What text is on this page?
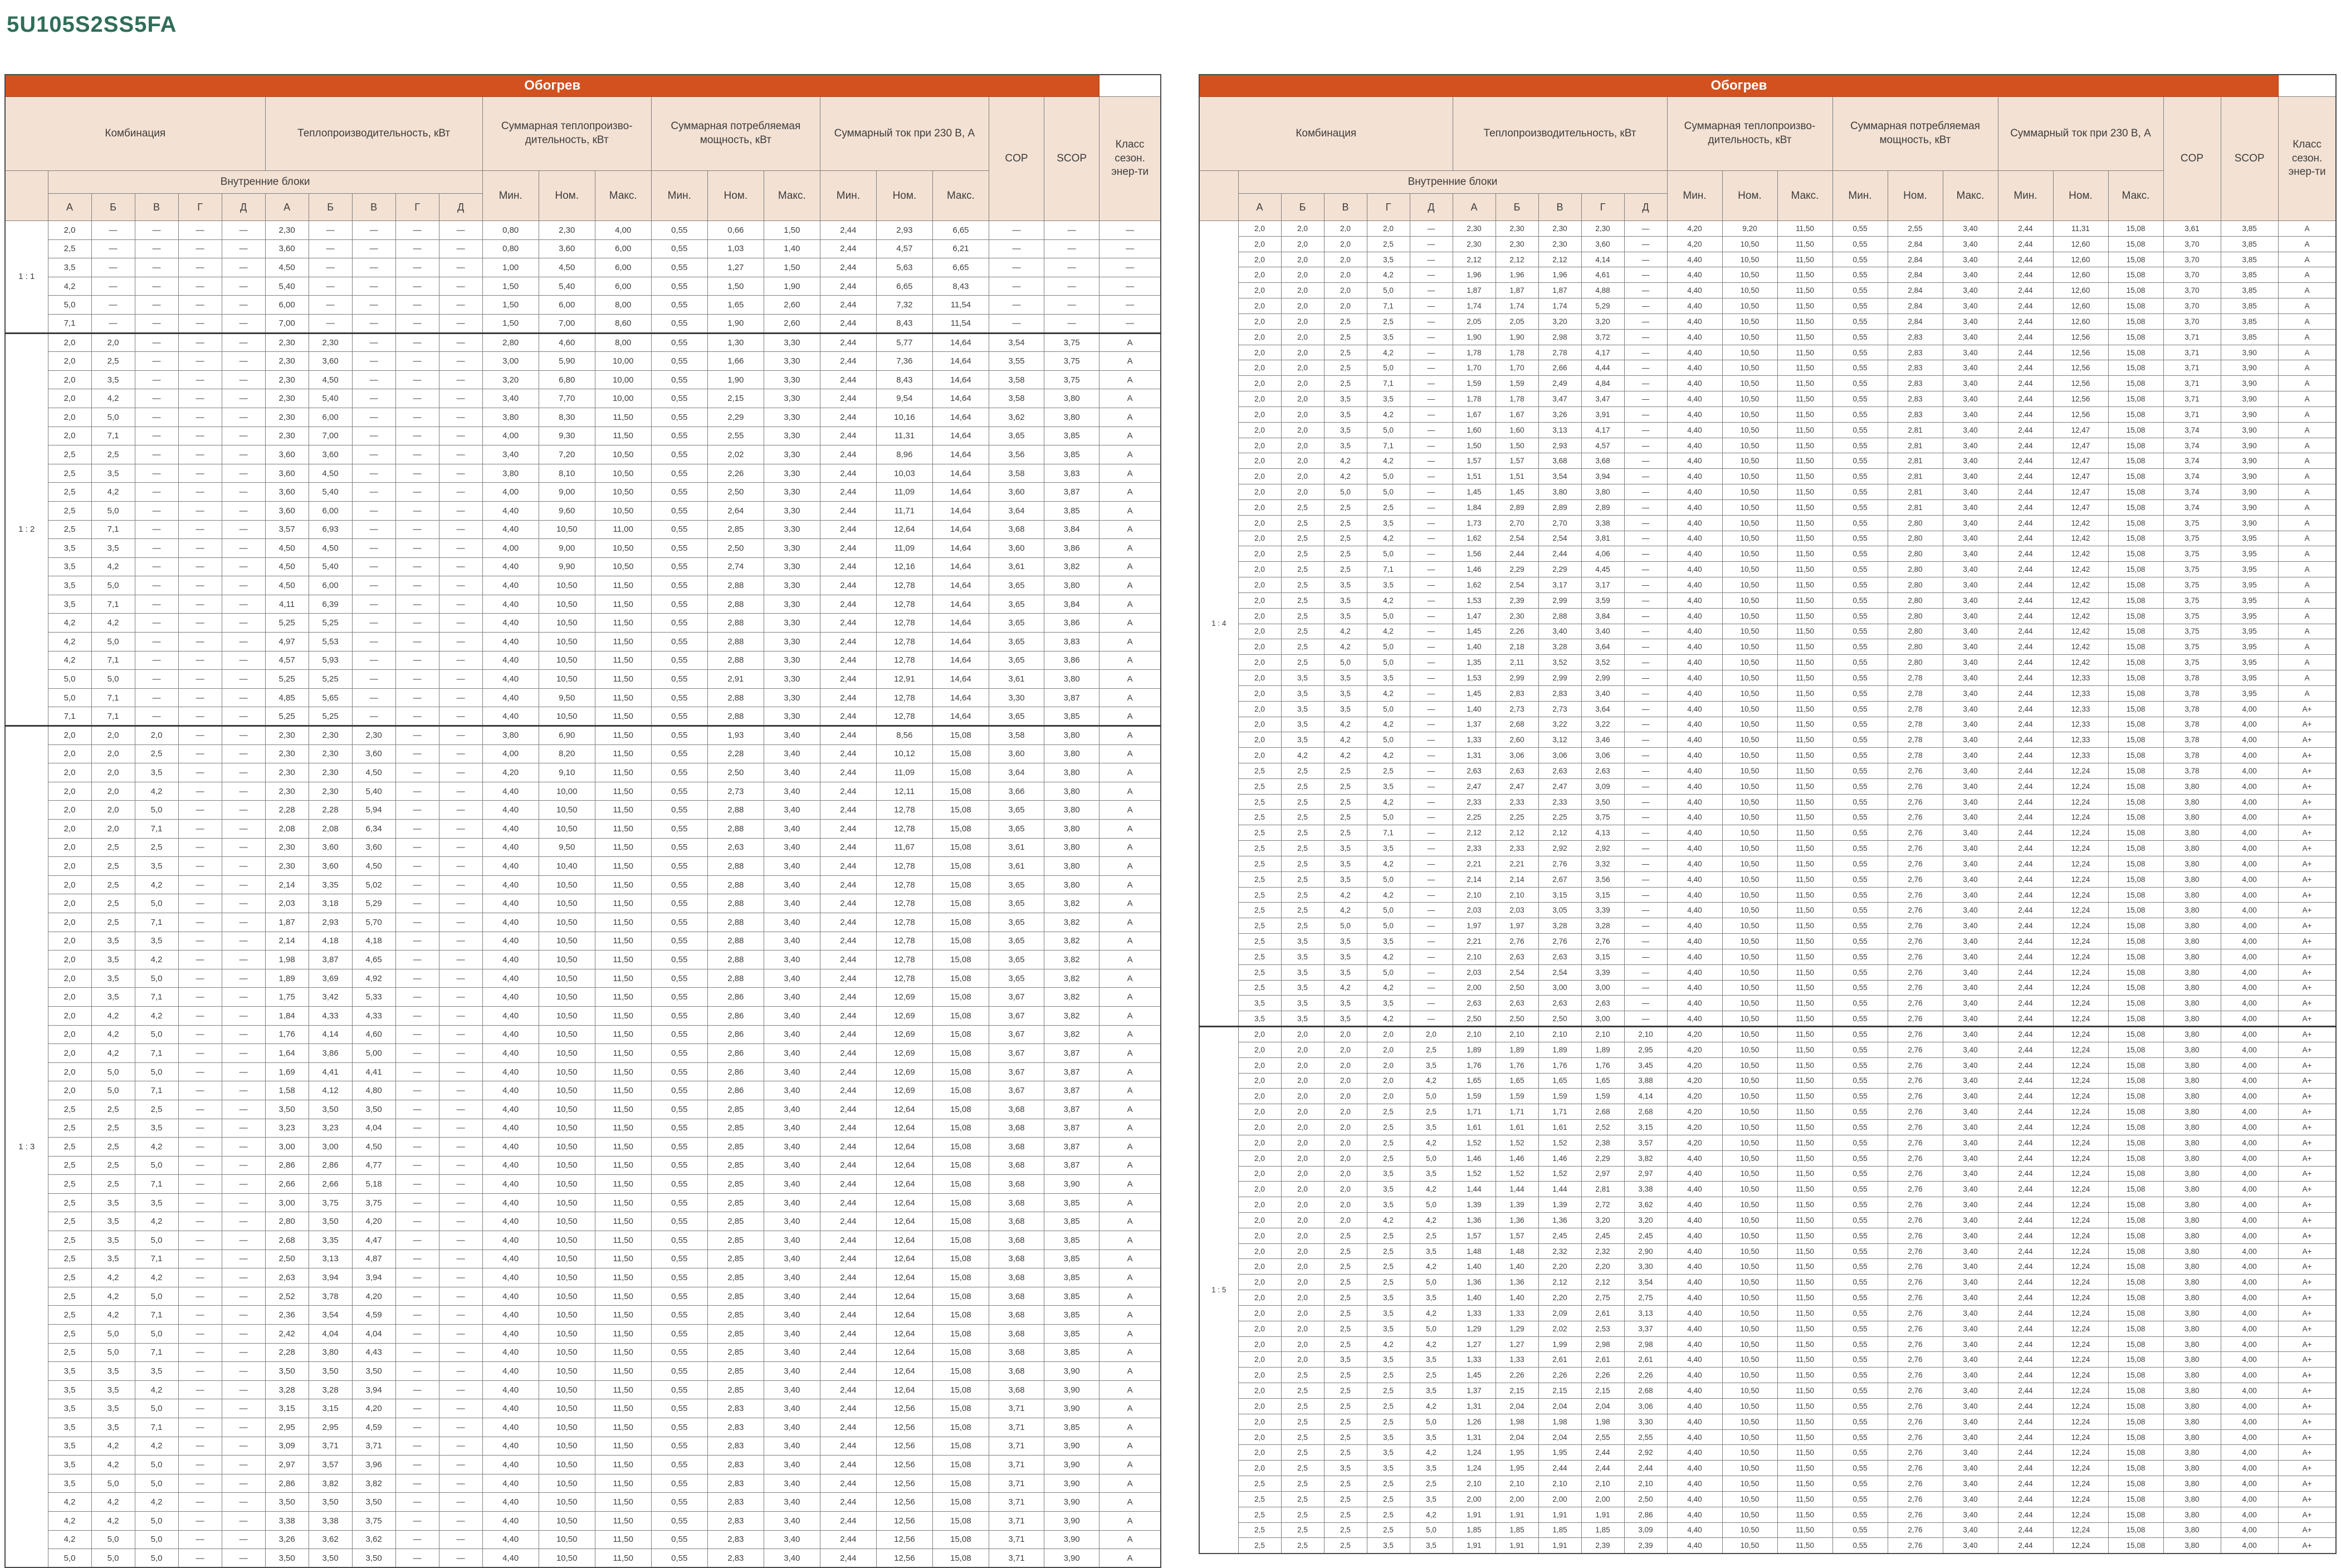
5U105S2SS5FA
Обогрев																						
Комбинация						Теплопроизводительность, кВт					Суммарная теплопроизводительность, кВт			Суммарная потребляемая мощность, кВт			Суммарный ток при 230 В, А			COP	SCOP	Класс сезон. энер-ти
	Внутренние блоки										Мин.	Ном.	Макс.	Мин.	Ном.	Макс.	Мин.	Ном.	Макс.			
	А	Б	В	Г	Д	А	Б	В	Г	Д												
1 : 1	2,0	—	—	—	—	2,30	—	—	—	—	0,80	2,30	4,00	0,55	0,66	1,50	2,44	2,93	6,65	—	—	—
	2,5	—	—	—	—	3,60	—	—	—	—	0,80	3,60	6,00	0,55	1,03	1,40	2,44	4,57	6,21	—	—	—
	3,5	—	—	—	—	4,50	—	—	—	—	1,00	4,50	6,00	0,55	1,27	1,50	2,44	5,63	6,65	—	—	—
	4,2	—	—	—	—	5,40	—	—	—	—	1,50	5,40	6,00	0,55	1,50	1,90	2,44	6,65	8,43	—	—	—
	5,0	—	—	—	—	6,00	—	—	—	—	1,50	6,00	8,00	0,55	1,65	2,60	2,44	7,32	11,54	—	—	—
	7,1	—	—	—	—	7,00	—	—	—	—	1,50	7,00	8,60	0,55	1,90	2,60	2,44	8,43	11,54	—	—	—
1 : 2	2,0	2,0	—	—	—	2,30	2,30	—	—	—	2,80	4,60	8,00	0,55	1,30	3,30	2,44	5,77	14,64	3,54	3,75	A
	2,0	2,5	—	—	—	2,30	3,60	—	—	—	3,00	5,90	10,00	0,55	1,66	3,30	2,44	7,36	14,64	3,55	3,75	A
	2,0	3,5	—	—	—	2,30	4,50	—	—	—	3,20	6,80	10,00	0,55	1,90	3,30	2,44	8,43	14,64	3,58	3,75	A
	2,0	4,2	—	—	—	2,30	5,40	—	—	—	3,40	7,70	10,00	0,55	2,15	3,30	2,44	9,54	14,64	3,58	3,80	A
	2,0	5,0	—	—	—	2,30	6,00	—	—	—	3,80	8,30	11,50	0,55	2,29	3,30	2,44	10,16	14,64	3,62	3,80	A
	2,0	7,1	—	—	—	2,30	7,00	—	—	—	4,00	9,30	11,50	0,55	2,55	3,30	2,44	11,31	14,64	3,65	3,85	A
	2,5	2,5	—	—	—	3,60	3,60	—	—	—	3,40	7,20	10,50	0,55	2,02	3,30	2,44	8,96	14,64	3,56	3,85	A
	2,5	3,5	—	—	—	3,60	4,50	—	—	—	3,80	8,10	10,50	0,55	2,26	3,30	2,44	10,03	14,64	3,58	3,83	A
	2,5	4,2	—	—	—	3,60	5,40	—	—	—	4,00	9,00	10,50	0,55	2,50	3,30	2,44	11,09	14,64	3,60	3,87	A
	2,5	5,0	—	—	—	3,60	6,00	—	—	—	4,40	9,60	10,50	0,55	2,64	3,30	2,44	11,71	14,64	3,64	3,85	A
	2,5	7,1	—	—	—	3,57	6,93	—	—	—	4,40	10,50	11,00	0,55	2,85	3,30	2,44	12,64	14,64	3,68	3,84	A
	3,5	3,5	—	—	—	4,50	4,50	—	—	—	4,00	9,00	10,50	0,55	2,50	3,30	2,44	11,09	14,64	3,60	3,86	A
	3,5	4,2	—	—	—	4,50	5,40	—	—	—	4,40	9,90	10,50	0,55	2,74	3,30	2,44	12,16	14,64	3,61	3,82	A
	3,5	5,0	—	—	—	4,50	6,00	—	—	—	4,40	10,50	11,50	0,55	2,88	3,30	2,44	12,78	14,64	3,65	3,80	A
	3,5	7,1	—	—	—	4,11	6,39	—	—	—	4,40	10,50	11,50	0,55	2,88	3,30	2,44	12,78	14,64	3,65	3,84	A
	4,2	4,2	—	—	—	5,25	5,25	—	—	—	4,40	10,50	11,50	0,55	2,88	3,30	2,44	12,78	14,64	3,65	3,86	A
	4,2	5,0	—	—	—	4,97	5,53	—	—	—	4,40	10,50	11,50	0,55	2,88	3,30	2,44	12,78	14,64	3,65	3,83	A
	4,2	7,1	—	—	—	4,57	5,93	—	—	—	4,40	10,50	11,50	0,55	2,88	3,30	2,44	12,78	14,64	3,65	3,86	A
	5,0	5,0	—	—	—	5,25	5,25	—	—	—	4,40	10,50	11,50	0,55	2,91	3,30	2,44	12,91	14,64	3,61	3,80	A
	5,0	7,1	—	—	—	4,85	5,65	—	—	—	4,40	9,50	11,50	0,55	2,88	3,30	2,44	12,78	14,64	3,30	3,87	A
	7,1	7,1	—	—	—	5,25	5,25	—	—	—	4,40	10,50	11,50	0,55	2,88	3,30	2,44	12,78	14,64	3,65	3,85	A
1 : 3	2,0	2,0	2,0	—	—	2,30	2,30	2,30	—	—	3,80	6,90	11,50	0,55	1,93	3,40	2,44	8,56	15,08	3,58	3,80	A
	2,0	2,0	2,5	—	—	2,30	2,30	3,60	—	—	4,00	8,20	11,50	0,55	2,28	3,40	2,44	10,12	15,08	3,60	3,80	A
	2,0	2,0	3,5	—	—	2,30	2,30	4,50	—	—	4,20	9,10	11,50	0,55	2,50	3,40	2,44	11,09	15,08	3,64	3,80	A
	2,0	2,0	4,2	—	—	2,30	2,30	5,40	—	—	4,40	10,00	11,50	0,55	2,73	3,40	2,44	12,11	15,08	3,66	3,80	A
	2,0	2,0	5,0	—	—	2,28	2,28	5,94	—	—	4,40	10,50	11,50	0,55	2,88	3,40	2,44	12,78	15,08	3,65	3,80	A
	2,0	2,0	7,1	—	—	2,08	2,08	6,34	—	—	4,40	10,50	11,50	0,55	2,88	3,40	2,44	12,78	15,08	3,65	3,80	A
	2,0	2,5	2,5	—	—	2,30	3,60	3,60	—	—	4,40	9,50	11,50	0,55	2,63	3,40	2,44	11,67	15,08	3,61	3,80	A
	2,0	2,5	3,5	—	—	2,30	3,60	4,50	—	—	4,40	10,40	11,50	0,55	2,88	3,40	2,44	12,78	15,08	3,61	3,80	A
	2,0	2,5	4,2	—	—	2,14	3,35	5,02	—	—	4,40	10,50	11,50	0,55	2,88	3,40	2,44	12,78	15,08	3,65	3,80	A
	2,0	2,5	5,0	—	—	2,03	3,18	5,29	—	—	4,40	10,50	11,50	0,55	2,88	3,40	2,44	12,78	15,08	3,65	3,82	A
	2,0	2,5	7,1	—	—	1,87	2,93	5,70	—	—	4,40	10,50	11,50	0,55	2,88	3,40	2,44	12,78	15,08	3,65	3,82	A
	2,0	3,5	3,5	—	—	2,14	4,18	4,18	—	—	4,40	10,50	11,50	0,55	2,88	3,40	2,44	12,78	15,08	3,65	3,82	A
	2,0	3,5	4,2	—	—	1,98	3,87	4,65	—	—	4,40	10,50	11,50	0,55	2,88	3,40	2,44	12,78	15,08	3,65	3,82	A
	2,0	3,5	5,0	—	—	1,89	3,69	4,92	—	—	4,40	10,50	11,50	0,55	2,88	3,40	2,44	12,78	15,08	3,65	3,82	A
	2,0	3,5	7,1	—	—	1,75	3,42	5,33	—	—	4,40	10,50	11,50	0,55	2,86	3,40	2,44	12,69	15,08	3,67	3,82	A
	2,0	4,2	4,2	—	—	1,84	4,33	4,33	—	—	4,40	10,50	11,50	0,55	2,86	3,40	2,44	12,69	15,08	3,67	3,82	A
	2,0	4,2	5,0	—	—	1,76	4,14	4,60	—	—	4,40	10,50	11,50	0,55	2,86	3,40	2,44	12,69	15,08	3,67	3,82	A
	2,0	4,2	7,1	—	—	1,64	3,86	5,00	—	—	4,40	10,50	11,50	0,55	2,86	3,40	2,44	12,69	15,08	3,67	3,87	A
	2,0	5,0	5,0	—	—	1,69	4,41	4,41	—	—	4,40	10,50	11,50	0,55	2,86	3,40	2,44	12,69	15,08	3,67	3,87	A
	2,0	5,0	7,1	—	—	1,58	4,12	4,80	—	—	4,40	10,50	11,50	0,55	2,86	3,40	2,44	12,69	15,08	3,67	3,87	A
	2,5	2,5	2,5	—	—	3,50	3,50	3,50	—	—	4,40	10,50	11,50	0,55	2,85	3,40	2,44	12,64	15,08	3,68	3,87	A
	2,5	2,5	3,5	—	—	3,23	3,23	4,04	—	—	4,40	10,50	11,50	0,55	2,85	3,40	2,44	12,64	15,08	3,68	3,87	A
	2,5	2,5	4,2	—	—	3,00	3,00	4,50	—	—	4,40	10,50	11,50	0,55	2,85	3,40	2,44	12,64	15,08	3,68	3,87	A
	2,5	2,5	5,0	—	—	2,86	2,86	4,77	—	—	4,40	10,50	11,50	0,55	2,85	3,40	2,44	12,64	15,08	3,68	3,87	A
	2,5	2,5	7,1	—	—	2,66	2,66	5,18	—	—	4,40	10,50	11,50	0,55	2,85	3,40	2,44	12,64	15,08	3,68	3,90	A
	2,5	3,5	3,5	—	—	3,00	3,75	3,75	—	—	4,40	10,50	11,50	0,55	2,85	3,40	2,44	12,64	15,08	3,68	3,85	A
	2,5	3,5	4,2	—	—	2,80	3,50	4,20	—	—	4,40	10,50	11,50	0,55	2,85	3,40	2,44	12,64	15,08	3,68	3,85	A
	2,5	3,5	5,0	—	—	2,68	3,35	4,47	—	—	4,40	10,50	11,50	0,55	2,85	3,40	2,44	12,64	15,08	3,68	3,85	A
	2,5	3,5	7,1	—	—	2,50	3,13	4,87	—	—	4,40	10,50	11,50	0,55	2,85	3,40	2,44	12,64	15,08	3,68	3,85	A
	2,5	4,2	4,2	—	—	2,63	3,94	3,94	—	—	4,40	10,50	11,50	0,55	2,85	3,40	2,44	12,64	15,08	3,68	3,85	A
	2,5	4,2	5,0	—	—	2,52	3,78	4,20	—	—	4,40	10,50	11,50	0,55	2,85	3,40	2,44	12,64	15,08	3,68	3,85	A
	2,5	4,2	7,1	—	—	2,36	3,54	4,59	—	—	4,40	10,50	11,50	0,55	2,85	3,40	2,44	12,64	15,08	3,68	3,85	A
	2,5	5,0	5,0	—	—	2,42	4,04	4,04	—	—	4,40	10,50	11,50	0,55	2,85	3,40	2,44	12,64	15,08	3,68	3,85	A
	2,5	5,0	7,1	—	—	2,28	3,80	4,43	—	—	4,40	10,50	11,50	0,55	2,85	3,40	2,44	12,64	15,08	3,68	3,85	A
	3,5	3,5	3,5	—	—	3,50	3,50	3,50	—	—	4,40	10,50	11,50	0,55	2,85	3,40	2,44	12,64	15,08	3,68	3,90	A
	3,5	3,5	4,2	—	—	3,28	3,28	3,94	—	—	4,40	10,50	11,50	0,55	2,85	3,40	2,44	12,64	15,08	3,68	3,90	A
	3,5	3,5	5,0	—	—	3,15	3,15	4,20	—	—	4,40	10,50	11,50	0,55	2,83	3,40	2,44	12,56	15,08	3,71	3,90	A
	3,5	3,5	7,1	—	—	2,95	2,95	4,59	—	—	4,40	10,50	11,50	0,55	2,83	3,40	2,44	12,56	15,08	3,71	3,85	A
	3,5	4,2	4,2	—	—	3,09	3,71	3,71	—	—	4,40	10,50	11,50	0,55	2,83	3,40	2,44	12,56	15,08	3,71	3,90	A
	3,5	4,2	5,0	—	—	2,97	3,57	3,96	—	—	4,40	10,50	11,50	0,55	2,83	3,40	2,44	12,56	15,08	3,71	3,90	A
	3,5	5,0	5,0	—	—	2,86	3,82	3,82	—	—	4,40	10,50	11,50	0,55	2,83	3,40	2,44	12,56	15,08	3,71	3,90	A
	4,2	4,2	4,2	—	—	3,50	3,50	3,50	—	—	4,40	10,50	11,50	0,55	2,83	3,40	2,44	12,56	15,08	3,71	3,90	A
	4,2	4,2	5,0	—	—	3,38	3,38	3,75	—	—	4,40	10,50	11,50	0,55	2,83	3,40	2,44	12,56	15,08	3,71	3,90	A
	4,2	5,0	5,0	—	—	3,26	3,62	3,62	—	—	4,40	10,50	11,50	0,55	2,83	3,40	2,44	12,56	15,08	3,71	3,90	A
	5,0	5,0	5,0	—	—	3,50	3,50	3,50	—	—	4,40	10,50	11,50	0,55	2,83	3,40	2,44	12,56	15,08	3,71	3,90	A
Обогрев																						
Комбинация						Теплопроизводительность, кВт					Суммарная теплопроизводительность, кВт			Суммарная потребляемая мощность, кВт			Суммарный ток при 230 В, А			COP	SCOP	Класс сезон. энер-ти
	Внутренние блоки										Мин.	Ном.	Макс.	Мин.	Ном.	Макс.	Мин.	Ном.	Макс.			
	А	Б	В	Г	Д	А	Б	В	Г	Д												
1 : 4	2,0	2,0	2,0	2,0	—	2,30	2,30	2,30	2,30	—	4,20	9,20	11,50	0,55	2,55	3,40	2,44	11,31	15,08	3,61	3,85	A
	2,0	2,0	2,0	2,5	—	2,30	2,30	2,30	3,60	—	4,20	10,50	11,50	0,55	2,84	3,40	2,44	12,60	15,08	3,70	3,85	A
	2,0	2,0	2,0	3,5	—	2,12	2,12	2,12	4,14	—	4,40	10,50	11,50	0,55	2,84	3,40	2,44	12,60	15,08	3,70	3,85	A
	2,0	2,0	2,0	4,2	—	1,96	1,96	1,96	4,61	—	4,40	10,50	11,50	0,55	2,84	3,40	2,44	12,60	15,08	3,70	3,85	A
	2,0	2,0	2,0	5,0	—	1,87	1,87	1,87	4,88	—	4,40	10,50	11,50	0,55	2,84	3,40	2,44	12,60	15,08	3,70	3,85	A
	2,0	2,0	2,0	7,1	—	1,74	1,74	1,74	5,29	—	4,40	10,50	11,50	0,55	2,84	3,40	2,44	12,60	15,08	3,70	3,85	A
	2,0	2,0	2,5	2,5	—	2,05	2,05	3,20	3,20	—	4,40	10,50	11,50	0,55	2,84	3,40	2,44	12,60	15,08	3,70	3,85	A
	2,0	2,0	2,5	3,5	—	1,90	1,90	2,98	3,72	—	4,40	10,50	11,50	0,55	2,83	3,40	2,44	12,56	15,08	3,71	3,85	A
	2,0	2,0	2,5	4,2	—	1,78	1,78	2,78	4,17	—	4,40	10,50	11,50	0,55	2,83	3,40	2,44	12,56	15,08	3,71	3,90	A
	2,0	2,0	2,5	5,0	—	1,70	1,70	2,66	4,44	—	4,40	10,50	11,50	0,55	2,83	3,40	2,44	12,56	15,08	3,71	3,90	A
	2,0	2,0	2,5	7,1	—	1,59	1,59	2,49	4,84	—	4,40	10,50	11,50	0,55	2,83	3,40	2,44	12,56	15,08	3,71	3,90	A
	2,0	2,0	3,5	3,5	—	1,78	1,78	3,47	3,47	—	4,40	10,50	11,50	0,55	2,83	3,40	2,44	12,56	15,08	3,71	3,90	A
	2,0	2,0	3,5	4,2	—	1,67	1,67	3,26	3,91	—	4,40	10,50	11,50	0,55	2,83	3,40	2,44	12,56	15,08	3,71	3,90	A
	2,0	2,0	3,5	5,0	—	1,60	1,60	3,13	4,17	—	4,40	10,50	11,50	0,55	2,81	3,40	2,44	12,47	15,08	3,74	3,90	A
	2,0	2,0	3,5	7,1	—	1,50	1,50	2,93	4,57	—	4,40	10,50	11,50	0,55	2,81	3,40	2,44	12,47	15,08	3,74	3,90	A
	2,0	2,0	4,2	4,2	—	1,57	1,57	3,68	3,68	—	4,40	10,50	11,50	0,55	2,81	3,40	2,44	12,47	15,08	3,74	3,90	A
	2,0	2,0	4,2	5,0	—	1,51	1,51	3,54	3,94	—	4,40	10,50	11,50	0,55	2,81	3,40	2,44	12,47	15,08	3,74	3,90	A
	2,0	2,0	5,0	5,0	—	1,45	1,45	3,80	3,80	—	4,40	10,50	11,50	0,55	2,81	3,40	2,44	12,47	15,08	3,74	3,90	A
	2,0	2,5	2,5	2,5	—	1,84	2,89	2,89	2,89	—	4,40	10,50	11,50	0,55	2,81	3,40	2,44	12,47	15,08	3,74	3,90	A
	2,0	2,5	2,5	3,5	—	1,73	2,70	2,70	3,38	—	4,40	10,50	11,50	0,55	2,80	3,40	2,44	12,42	15,08	3,75	3,90	A
	2,0	2,5	2,5	4,2	—	1,62	2,54	2,54	3,81	—	4,40	10,50	11,50	0,55	2,80	3,40	2,44	12,42	15,08	3,75	3,95	A
	2,0	2,5	2,5	5,0	—	1,56	2,44	2,44	4,06	—	4,40	10,50	11,50	0,55	2,80	3,40	2,44	12,42	15,08	3,75	3,95	A
	2,0	2,5	2,5	7,1	—	1,46	2,29	2,29	4,45	—	4,40	10,50	11,50	0,55	2,80	3,40	2,44	12,42	15,08	3,75	3,95	A
	2,0	2,5	3,5	3,5	—	1,62	2,54	3,17	3,17	—	4,40	10,50	11,50	0,55	2,80	3,40	2,44	12,42	15,08	3,75	3,95	A
	2,0	2,5	3,5	4,2	—	1,53	2,39	2,99	3,59	—	4,40	10,50	11,50	0,55	2,80	3,40	2,44	12,42	15,08	3,75	3,95	A
	2,0	2,5	3,5	5,0	—	1,47	2,30	2,88	3,84	—	4,40	10,50	11,50	0,55	2,80	3,40	2,44	12,42	15,08	3,75	3,95	A
	2,0	2,5	4,2	4,2	—	1,45	2,26	3,40	3,40	—	4,40	10,50	11,50	0,55	2,80	3,40	2,44	12,42	15,08	3,75	3,95	A
	2,0	2,5	4,2	5,0	—	1,40	2,18	3,28	3,64	—	4,40	10,50	11,50	0,55	2,80	3,40	2,44	12,42	15,08	3,75	3,95	A
	2,0	2,5	5,0	5,0	—	1,35	2,11	3,52	3,52	—	4,40	10,50	11,50	0,55	2,80	3,40	2,44	12,42	15,08	3,75	3,95	A
	2,0	3,5	3,5	3,5	—	1,53	2,99	2,99	2,99	—	4,40	10,50	11,50	0,55	2,78	3,40	2,44	12,33	15,08	3,78	3,95	A
	2,0	3,5	3,5	4,2	—	1,45	2,83	2,83	3,40	—	4,40	10,50	11,50	0,55	2,78	3,40	2,44	12,33	15,08	3,78	3,95	A
	2,0	3,5	3,5	5,0	—	1,40	2,73	2,73	3,64	—	4,40	10,50	11,50	0,55	2,78	3,40	2,44	12,33	15,08	3,78	4,00	A+
	2,0	3,5	4,2	4,2	—	1,37	2,68	3,22	3,22	—	4,40	10,50	11,50	0,55	2,78	3,40	2,44	12,33	15,08	3,78	4,00	A+
	2,0	3,5	4,2	5,0	—	1,33	2,60	3,12	3,46	—	4,40	10,50	11,50	0,55	2,78	3,40	2,44	12,33	15,08	3,78	4,00	A+
	2,0	4,2	4,2	4,2	—	1,31	3,06	3,06	3,06	—	4,40	10,50	11,50	0,55	2,78	3,40	2,44	12,33	15,08	3,78	4,00	A+
	2,5	2,5	2,5	2,5	—	2,63	2,63	2,63	2,63	—	4,40	10,50	11,50	0,55	2,76	3,40	2,44	12,24	15,08	3,78	4,00	A+
	2,5	2,5	2,5	3,5	—	2,47	2,47	2,47	3,09	—	4,40	10,50	11,50	0,55	2,76	3,40	2,44	12,24	15,08	3,80	4,00	A+
	2,5	2,5	2,5	4,2	—	2,33	2,33	2,33	3,50	—	4,40	10,50	11,50	0,55	2,76	3,40	2,44	12,24	15,08	3,80	4,00	A+
	2,5	2,5	2,5	5,0	—	2,25	2,25	2,25	3,75	—	4,40	10,50	11,50	0,55	2,76	3,40	2,44	12,24	15,08	3,80	4,00	A+
	2,5	2,5	2,5	7,1	—	2,12	2,12	2,12	4,13	—	4,40	10,50	11,50	0,55	2,76	3,40	2,44	12,24	15,08	3,80	4,00	A+
	2,5	2,5	3,5	3,5	—	2,33	2,33	2,92	2,92	—	4,40	10,50	11,50	0,55	2,76	3,40	2,44	12,24	15,08	3,80	4,00	A+
	2,5	2,5	3,5	4,2	—	2,21	2,21	2,76	3,32	—	4,40	10,50	11,50	0,55	2,76	3,40	2,44	12,24	15,08	3,80	4,00	A+
	2,5	2,5	3,5	5,0	—	2,14	2,14	2,67	3,56	—	4,40	10,50	11,50	0,55	2,76	3,40	2,44	12,24	15,08	3,80	4,00	A+
	2,5	2,5	4,2	4,2	—	2,10	2,10	3,15	3,15	—	4,40	10,50	11,50	0,55	2,76	3,40	2,44	12,24	15,08	3,80	4,00	A+
	2,5	2,5	4,2	5,0	—	2,03	2,03	3,05	3,39	—	4,40	10,50	11,50	0,55	2,76	3,40	2,44	12,24	15,08	3,80	4,00	A+
	2,5	2,5	5,0	5,0	—	1,97	1,97	3,28	3,28	—	4,40	10,50	11,50	0,55	2,76	3,40	2,44	12,24	15,08	3,80	4,00	A+
	2,5	3,5	3,5	3,5	—	2,21	2,76	2,76	2,76	—	4,40	10,50	11,50	0,55	2,76	3,40	2,44	12,24	15,08	3,80	4,00	A+
	2,5	3,5	3,5	4,2	—	2,10	2,63	2,63	3,15	—	4,40	10,50	11,50	0,55	2,76	3,40	2,44	12,24	15,08	3,80	4,00	A+
	2,5	3,5	3,5	5,0	—	2,03	2,54	2,54	3,39	—	4,40	10,50	11,50	0,55	2,76	3,40	2,44	12,24	15,08	3,80	4,00	A+
	2,5	3,5	4,2	4,2	—	2,00	2,50	3,00	3,00	—	4,40	10,50	11,50	0,55	2,76	3,40	2,44	12,24	15,08	3,80	4,00	A+
	3,5	3,5	3,5	3,5	—	2,63	2,63	2,63	2,63	—	4,40	10,50	11,50	0,55	2,76	3,40	2,44	12,24	15,08	3,80	4,00	A+
	3,5	3,5	3,5	4,2	—	2,50	2,50	2,50	3,00	—	4,40	10,50	11,50	0,55	2,76	3,40	2,44	12,24	15,08	3,80	4,00	A+
1 : 5	2,0	2,0	2,0	2,0	2,0	2,10	2,10	2,10	2,10	2,10	4,20	10,50	11,50	0,55	2,76	3,40	2,44	12,24	15,08	3,80	4,00	A+
	2,0	2,0	2,0	2,0	2,5	1,89	1,89	1,89	1,89	2,95	4,20	10,50	11,50	0,55	2,76	3,40	2,44	12,24	15,08	3,80	4,00	A+
	2,0	2,0	2,0	2,0	3,5	1,76	1,76	1,76	1,76	3,45	4,20	10,50	11,50	0,55	2,76	3,40	2,44	12,24	15,08	3,80	4,00	A+
	2,0	2,0	2,0	2,0	4,2	1,65	1,65	1,65	1,65	3,88	4,20	10,50	11,50	0,55	2,76	3,40	2,44	12,24	15,08	3,80	4,00	A+
	2,0	2,0	2,0	2,0	5,0	1,59	1,59	1,59	1,59	4,14	4,20	10,50	11,50	0,55	2,76	3,40	2,44	12,24	15,08	3,80	4,00	A+
	2,0	2,0	2,0	2,5	2,5	1,71	1,71	1,71	2,68	2,68	4,20	10,50	11,50	0,55	2,76	3,40	2,44	12,24	15,08	3,80	4,00	A+
	2,0	2,0	2,0	2,5	3,5	1,61	1,61	1,61	2,52	3,15	4,20	10,50	11,50	0,55	2,76	3,40	2,44	12,24	15,08	3,80	4,00	A+
	2,0	2,0	2,0	2,5	4,2	1,52	1,52	1,52	2,38	3,57	4,20	10,50	11,50	0,55	2,76	3,40	2,44	12,24	15,08	3,80	4,00	A+
	2,0	2,0	2,0	2,5	5,0	1,46	1,46	1,46	2,29	3,82	4,40	10,50	11,50	0,55	2,76	3,40	2,44	12,24	15,08	3,80	4,00	A+
	2,0	2,0	2,0	3,5	3,5	1,52	1,52	1,52	2,97	2,97	4,40	10,50	11,50	0,55	2,76	3,40	2,44	12,24	15,08	3,80	4,00	A+
	2,0	2,0	2,0	3,5	4,2	1,44	1,44	1,44	2,81	3,38	4,40	10,50	11,50	0,55	2,76	3,40	2,44	12,24	15,08	3,80	4,00	A+
	2,0	2,0	2,0	3,5	5,0	1,39	1,39	1,39	2,72	3,62	4,40	10,50	11,50	0,55	2,76	3,40	2,44	12,24	15,08	3,80	4,00	A+
	2,0	2,0	2,0	4,2	4,2	1,36	1,36	1,36	3,20	3,20	4,40	10,50	11,50	0,55	2,76	3,40	2,44	12,24	15,08	3,80	4,00	A+
	2,0	2,0	2,5	2,5	2,5	1,57	1,57	2,45	2,45	2,45	4,40	10,50	11,50	0,55	2,76	3,40	2,44	12,24	15,08	3,80	4,00	A+
	2,0	2,0	2,5	2,5	3,5	1,48	1,48	2,32	2,32	2,90	4,40	10,50	11,50	0,55	2,76	3,40	2,44	12,24	15,08	3,80	4,00	A+
	2,0	2,0	2,5	2,5	4,2	1,40	1,40	2,20	2,20	3,30	4,40	10,50	11,50	0,55	2,76	3,40	2,44	12,24	15,08	3,80	4,00	A+
	2,0	2,0	2,5	2,5	5,0	1,36	1,36	2,12	2,12	3,54	4,40	10,50	11,50	0,55	2,76	3,40	2,44	12,24	15,08	3,80	4,00	A+
	2,0	2,0	2,5	3,5	3,5	1,40	1,40	2,20	2,75	2,75	4,40	10,50	11,50	0,55	2,76	3,40	2,44	12,24	15,08	3,80	4,00	A+
	2,0	2,0	2,5	3,5	4,2	1,33	1,33	2,09	2,61	3,13	4,40	10,50	11,50	0,55	2,76	3,40	2,44	12,24	15,08	3,80	4,00	A+
	2,0	2,0	2,5	3,5	5,0	1,29	1,29	2,02	2,53	3,37	4,40	10,50	11,50	0,55	2,76	3,40	2,44	12,24	15,08	3,80	4,00	A+
	2,0	2,0	2,5	4,2	4,2	1,27	1,27	1,99	2,98	2,98	4,40	10,50	11,50	0,55	2,76	3,40	2,44	12,24	15,08	3,80	4,00	A+
	2,0	2,0	3,5	3,5	3,5	1,33	1,33	2,61	2,61	2,61	4,40	10,50	11,50	0,55	2,76	3,40	2,44	12,24	15,08	3,80	4,00	A+
	2,0	2,5	2,5	2,5	2,5	1,45	2,26	2,26	2,26	2,26	4,40	10,50	11,50	0,55	2,76	3,40	2,44	12,24	15,08	3,80	4,00	A+
	2,0	2,5	2,5	2,5	3,5	1,37	2,15	2,15	2,15	2,68	4,40	10,50	11,50	0,55	2,76	3,40	2,44	12,24	15,08	3,80	4,00	A+
	2,0	2,5	2,5	2,5	4,2	1,31	2,04	2,04	2,04	3,06	4,40	10,50	11,50	0,55	2,76	3,40	2,44	12,24	15,08	3,80	4,00	A+
	2,0	2,5	2,5	2,5	5,0	1,26	1,98	1,98	1,98	3,30	4,40	10,50	11,50	0,55	2,76	3,40	2,44	12,24	15,08	3,80	4,00	A+
	2,0	2,5	2,5	3,5	3,5	1,31	2,04	2,04	2,55	2,55	4,40	10,50	11,50	0,55	2,76	3,40	2,44	12,24	15,08	3,80	4,00	A+
	2,0	2,5	2,5	3,5	4,2	1,24	1,95	1,95	2,44	2,92	4,40	10,50	11,50	0,55	2,76	3,40	2,44	12,24	15,08	3,80	4,00	A+
	2,0	2,5	3,5	3,5	3,5	1,24	1,95	2,44	2,44	2,44	4,40	10,50	11,50	0,55	2,76	3,40	2,44	12,24	15,08	3,80	4,00	A+
	2,5	2,5	2,5	2,5	2,5	2,10	2,10	2,10	2,10	2,10	4,40	10,50	11,50	0,55	2,76	3,40	2,44	12,24	15,08	3,80	4,00	A+
	2,5	2,5	2,5	2,5	3,5	2,00	2,00	2,00	2,00	2,50	4,40	10,50	11,50	0,55	2,76	3,40	2,44	12,24	15,08	3,80	4,00	A+
	2,5	2,5	2,5	2,5	4,2	1,91	1,91	1,91	1,91	2,86	4,40	10,50	11,50	0,55	2,76	3,40	2,44	12,24	15,08	3,80	4,00	A+
	2,5	2,5	2,5	2,5	5,0	1,85	1,85	1,85	1,85	3,09	4,40	10,50	11,50	0,55	2,76	3,40	2,44	12,24	15,08	3,80	4,00	A+
	2,5	2,5	2,5	3,5	3,5	1,91	1,91	1,91	2,39	2,39	4,40	10,50	11,50	0,55	2,76	3,40	2,44	12,24	15,08	3,80	4,00	A+
